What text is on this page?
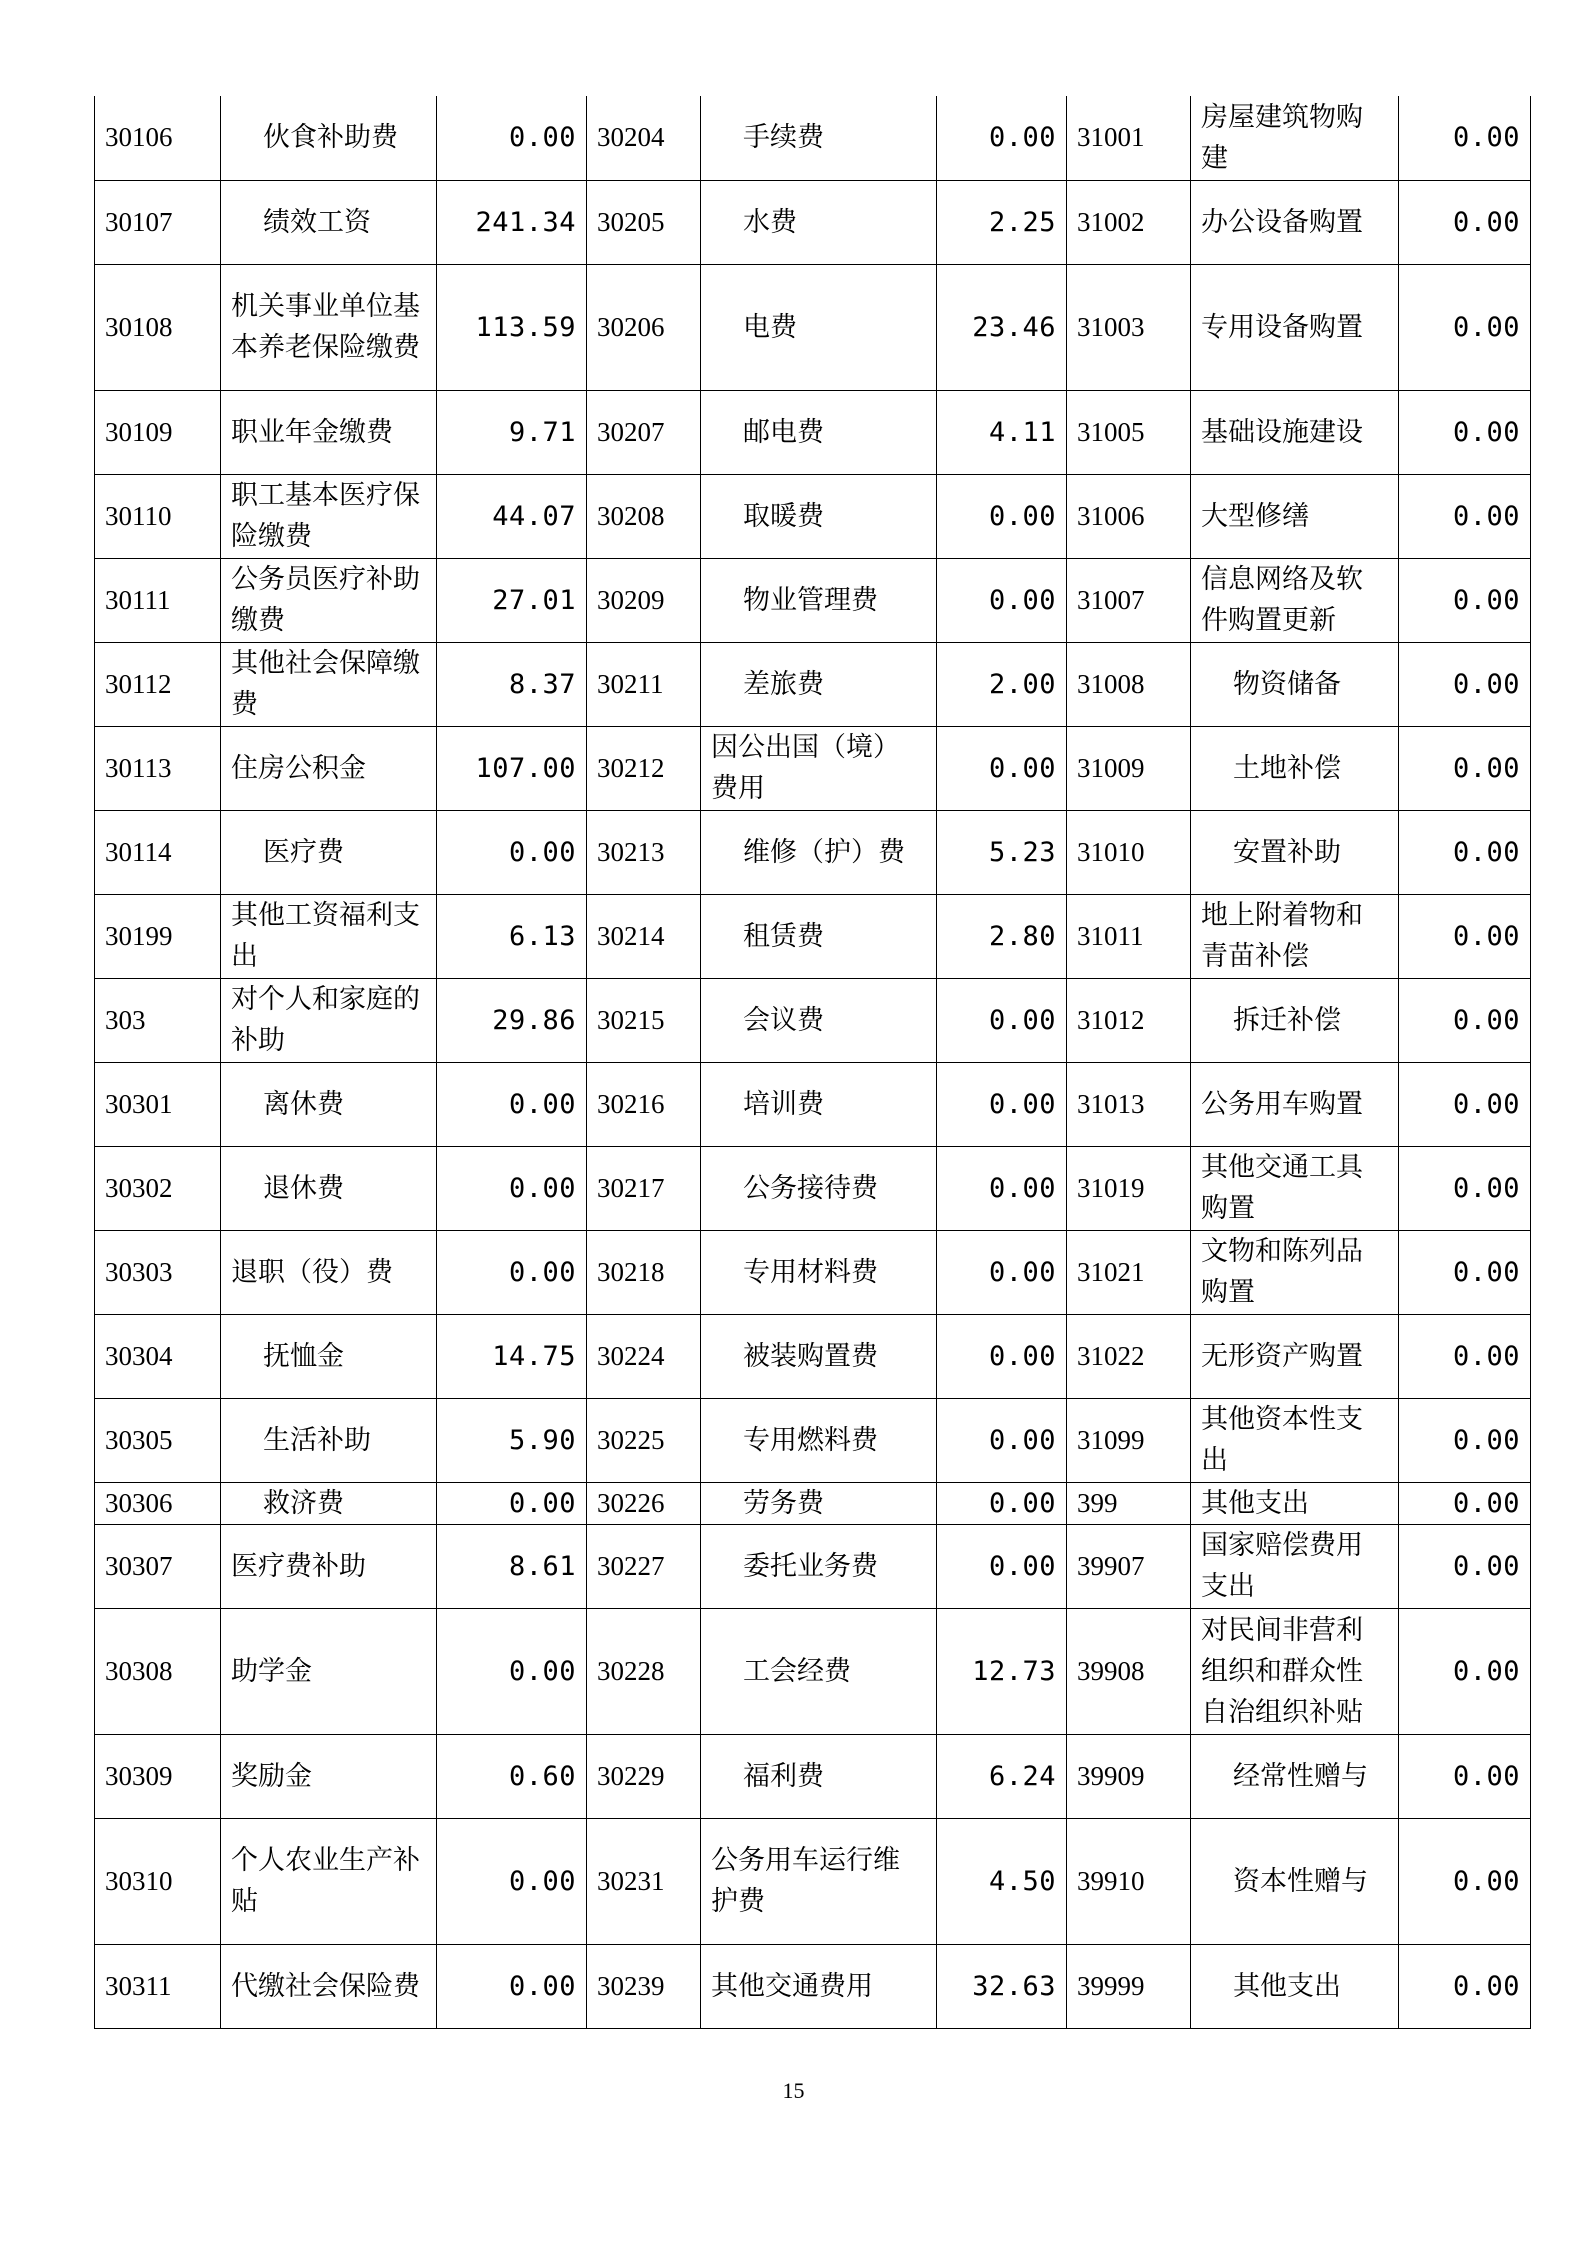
30106	伙食补助费	0.00	30204	手续费	0.00	31001	房屋建筑物购建	0.00
30107	绩效工资	241.34	30205	水费	2.25	31002	办公设备购置	0.00
30108	机关事业单位基本养老保险缴费	113.59	30206	电费	23.46	31003	专用设备购置	0.00
30109	职业年金缴费	9.71	30207	邮电费	4.11	31005	基础设施建设	0.00
30110	职工基本医疗保险缴费	44.07	30208	取暖费	0.00	31006	大型修缮	0.00
30111	公务员医疗补助缴费	27.01	30209	物业管理费	0.00	31007	信息网络及软件购置更新	0.00
30112	其他社会保障缴费	8.37	30211	差旅费	2.00	31008	物资储备	0.00
30113	住房公积金	107.00	30212	因公出国（境）费用	0.00	31009	土地补偿	0.00
30114	医疗费	0.00	30213	维修（护）费	5.23	31010	安置补助	0.00
30199	其他工资福利支出	6.13	30214	租赁费	2.80	31011	地上附着物和青苗补偿	0.00
303	对个人和家庭的补助	29.86	30215	会议费	0.00	31012	拆迁补偿	0.00
30301	离休费	0.00	30216	培训费	0.00	31013	公务用车购置	0.00
30302	退休费	0.00	30217	公务接待费	0.00	31019	其他交通工具购置	0.00
30303	退职（役）费	0.00	30218	专用材料费	0.00	31021	文物和陈列品购置	0.00
30304	抚恤金	14.75	30224	被装购置费	0.00	31022	无形资产购置	0.00
30305	生活补助	5.90	30225	专用燃料费	0.00	31099	其他资本性支出	0.00
30306	救济费	0.00	30226	劳务费	0.00	399	其他支出	0.00
30307	医疗费补助	8.61	30227	委托业务费	0.00	39907	国家赔偿费用支出	0.00
30308	助学金	0.00	30228	工会经费	12.73	39908	对民间非营利组织和群众性自治组织补贴	0.00
30309	奖励金	0.60	30229	福利费	6.24	39909	经常性赠与	0.00
30310	个人农业生产补贴	0.00	30231	公务用车运行维护费	4.50	39910	资本性赠与	0.00
30311	代缴社会保险费	0.00	30239	其他交通费用	32.63	39999	其他支出	0.00
15
